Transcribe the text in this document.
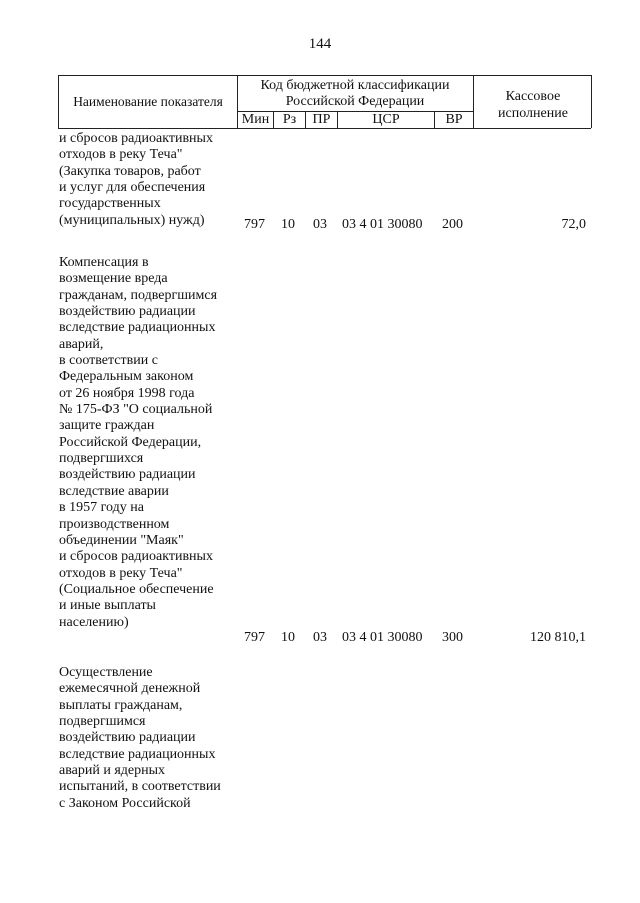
144
Наименование показателя
Код бюджетной классификации Российской Федерации
Мин Рз	ПР	ЦСР	ВР
Кассовое исполнение
и сбросов радиоактивных
отходов в реку Теча"
(Закупка товаров, работ
и услуг для обеспечения
государственных
(муниципальных) нужд)	797 10 03 03 4 01 30080 200	72,0
Компенсация в
возмещение вреда
гражданам, подвергшимся
воздействию радиации
вследствие радиационных
аварий,
в соответствии с
Федеральным законом
от 26 ноября 1998 года
№ 175-ФЗ "О социальной
защите граждан
Российской Федерации,
подвергшихся
воздействию радиации
вследствие аварии
в 1957 году на
производственном
объединении "Маяк"
и сбросов радиоактивных
отходов в реку Теча"
(Социальное обеспечение
и иные выплаты
населению)
797 10 03 03 4 01 30080 300	120 810,1
Осуществление
ежемесячной денежной
выплаты гражданам,
подвергшимся
воздействию радиации
вследствие радиационных
аварий и ядерных
испытаний, в соответствии
с Законом Российской
